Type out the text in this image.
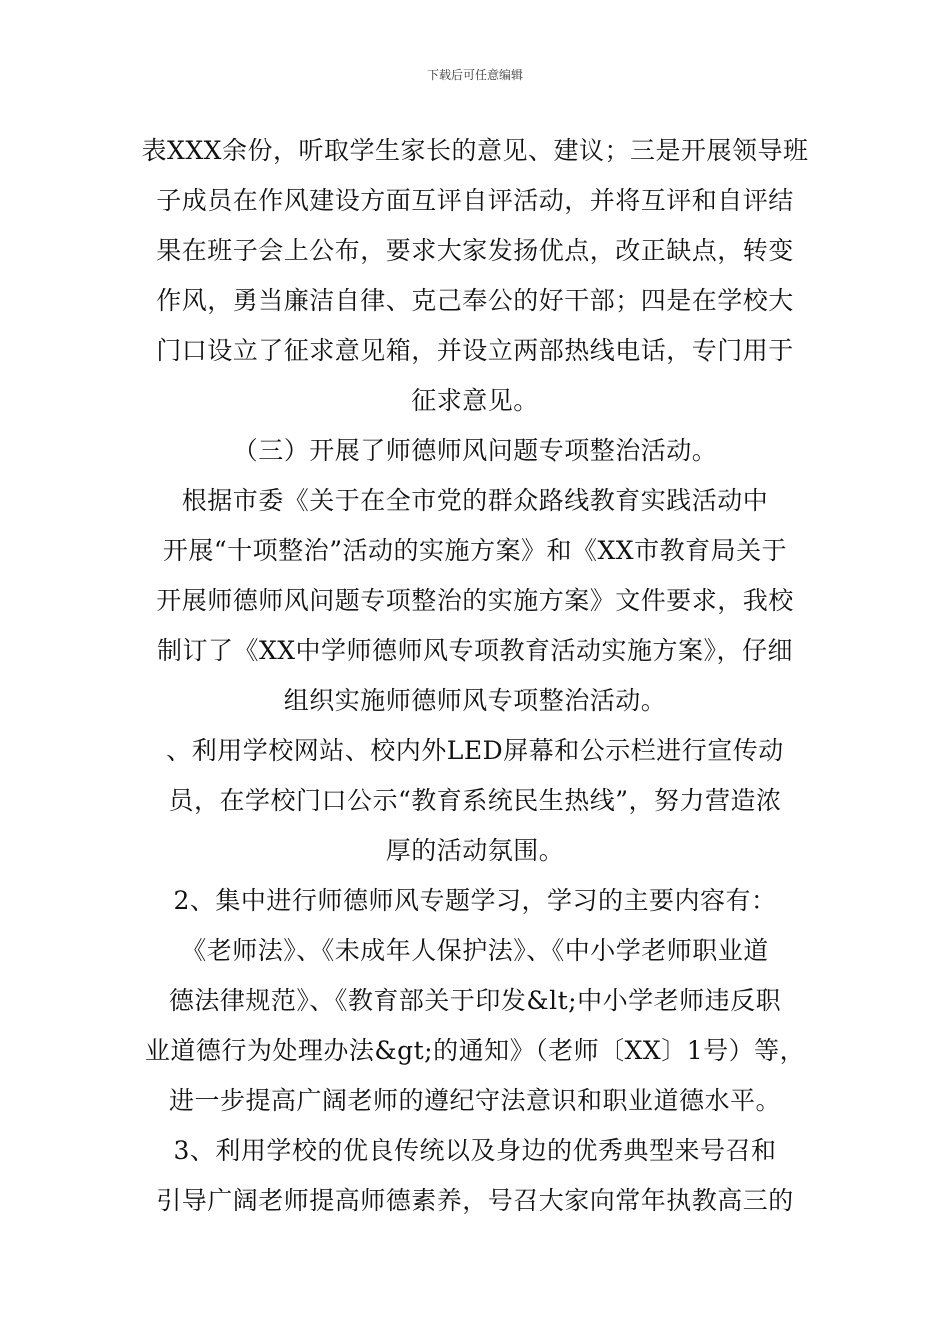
下载后可任意编辑
表XXX余份，听取学生家长的意见、建议；三是开展领导班
子成员在作风建设方面互评自评活动，并将互评和自评结
果在班子会上公布，要求大家发扬优点，改正缺点，转变
作风，勇当廉洁自律、克己奉公的好干部；四是在学校大
门口设立了征求意见箱，并设立两部热线电话，专门用于
征求意见。
（三）开展了师德师风问题专项整治活动。
根据市委《关于在全市党的群众路线教育实践活动中
开展“十项整治”活动的实施方案》和《XX市教育局关于
开展师德师风问题专项整治的实施方案》文件要求，我校
制订了《XX中学师德师风专项教育活动实施方案》，仔细
组织实施师德师风专项整治活动。
、利用学校网站、校内外LED屏幕和公示栏进行宣传动
员，在学校门口公示“教育系统民生热线”，努力营造浓
厚的活动氛围。
2、集中进行师德师风专题学习，学习的主要内容有：
《老师法》、《未成年人保护法》、《中小学老师职业道
德法律规范》、《教育部关于印发&lt;中小学老师违反职
业道德行为处理办法&gt;的通知》（老师〔XX〕1号）等，
进一步提高广阔老师的遵纪守法意识和职业道德水平。
3、利用学校的优良传统以及身边的优秀典型来号召和
引导广阔老师提高师德素养，号召大家向常年执教高三的
